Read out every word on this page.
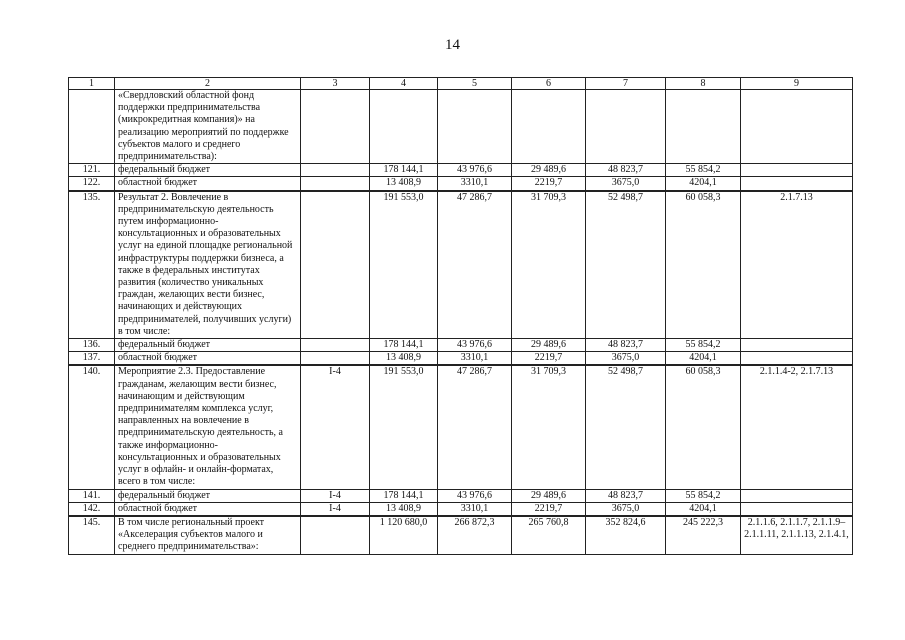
14
1	2	3	4	5	6	7	8	9
	«Свердловский областной фонд поддержки предпринимательства (микрокредитная компания)» на реализацию мероприятий по поддержке субъектов малого и среднего предпринимательства):							
121.	федеральный бюджет		178 144,1	43 976,6	29 489,6	48 823,7	55 854,2	
122.	областной бюджет		13 408,9	3310,1	2219,7	3675,0	4204,1	
135.	Результат 2. Вовлечение в предпринимательскую деятельность путем информационно-консультационных и образовательных услуг на единой площадке региональной инфраструктуры поддержки бизнеса, а также в федеральных институтах развития (количество уникальных граждан, желающих вести бизнес, начинающих и действующих предпринимателей, получивших услуги) в том числе:		191 553,0	47 286,7	31 709,3	52 498,7	60 058,3	2.1.7.13
136.	федеральный бюджет		178 144,1	43 976,6	29 489,6	48 823,7	55 854,2	
137.	областной бюджет		13 408,9	3310,1	2219,7	3675,0	4204,1	
140.	Мероприятие 2.3. Предоставление гражданам, желающим вести бизнес, начинающим и действующим предпринимателям комплекса услуг, направленных на вовлечение в предпринимательскую деятельность, а также информационно-консультационных и образовательных услуг в офлайн- и онлайн-форматах, всего в том числе:	I-4	191 553,0	47 286,7	31 709,3	52 498,7	60 058,3	2.1.1.4-2, 2.1.7.13
141.	федеральный бюджет	I-4	178 144,1	43 976,6	29 489,6	48 823,7	55 854,2	
142.	областной бюджет	I-4	13 408,9	3310,1	2219,7	3675,0	4204,1	
145.	В том числе региональный проект «Акселерация субъектов малого и среднего предпринимательства»:		1 120 680,0	266 872,3	265 760,8	352 824,6	245 222,3	2.1.1.6, 2.1.1.7, 2.1.1.9–2.1.1.11, 2.1.1.13, 2.1.4.1,
